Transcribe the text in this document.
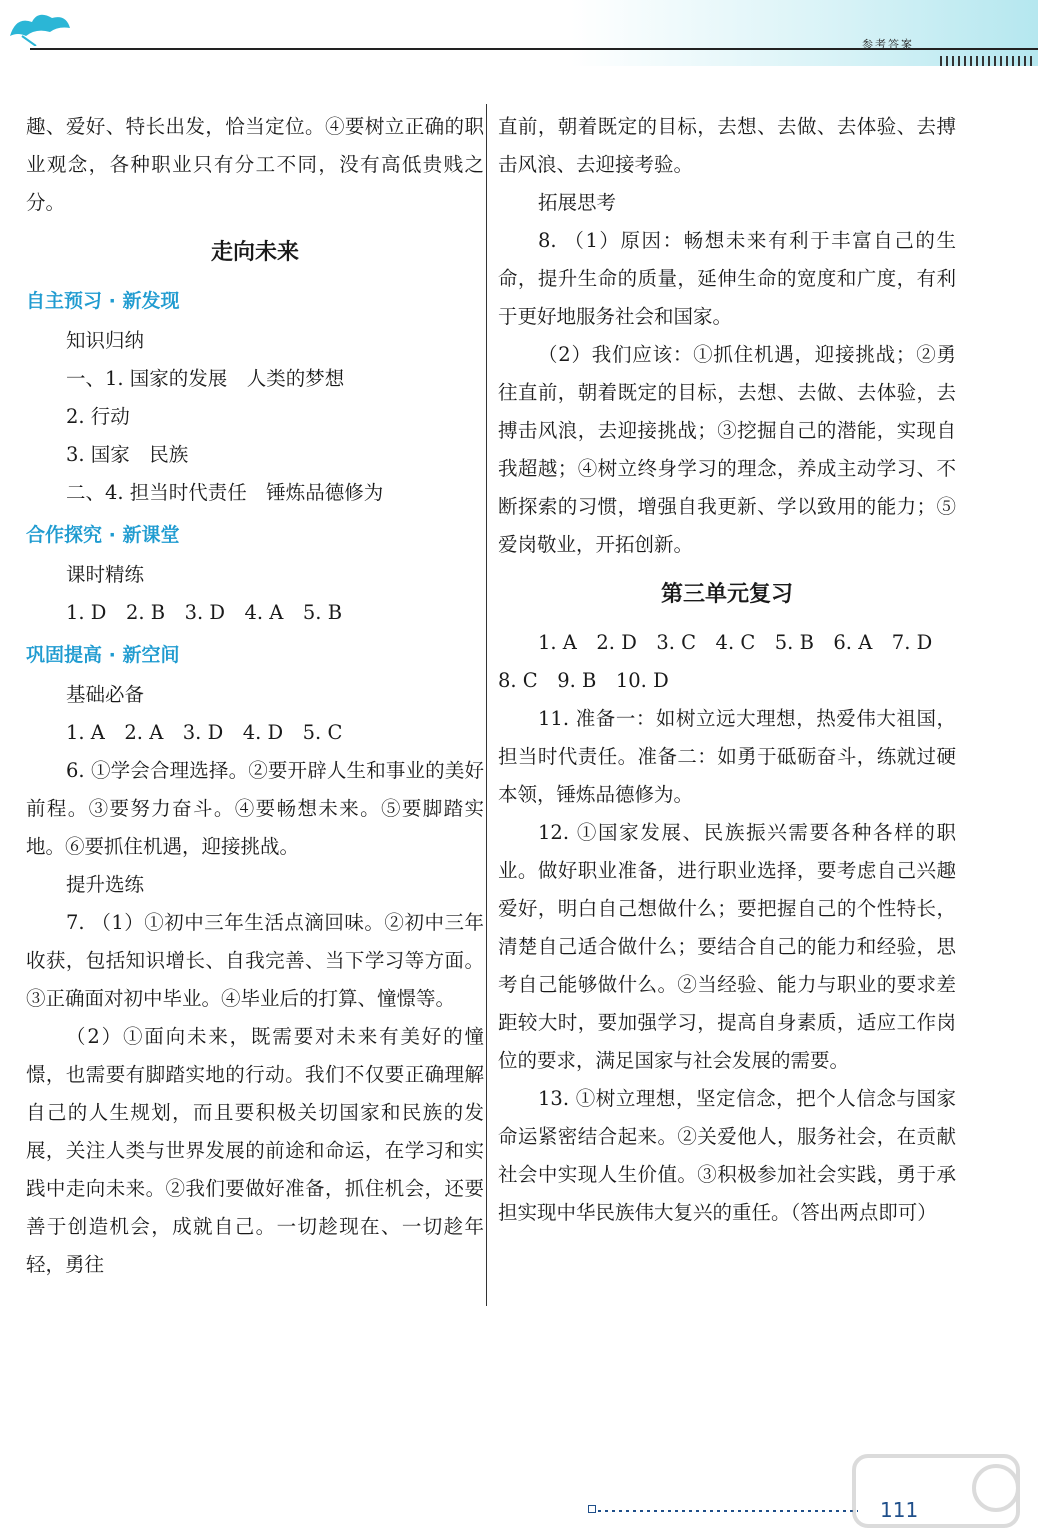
参考答案

趣、爱好、特长出发，恰当定位。④要树立正确的职业观念，各种职业只有分工不同，没有高低贵贱之分。

走向未来
自主预习 · 新发现

知识归纳

一、1. 国家的发展　人类的梦想

2. 行动

3. 国家　民族

二、4. 担当时代责任　锤炼品德修为

合作探究 · 新课堂

课时精练

1. D　2. B　3. D　4. A　5. B

巩固提高 · 新空间

基础必备

1. A　2. A　3. D　4. D　5. C

6. ①学会合理选择。②要开辟人生和事业的美好前程。③要努力奋斗。④要畅想未来。⑤要脚踏实地。⑥要抓住机遇，迎接挑战。

提升选练

7. （1）①初中三年生活点滴回味。②初中三年收获，包括知识增长、自我完善、当下学习等方面。③正确面对初中毕业。④毕业后的打算、憧憬等。

（2）①面向未来，既需要对未来有美好的憧憬，也需要有脚踏实地的行动。我们不仅要正确理解自己的人生规划，而且要积极关切国家和民族的发展，关注人类与世界发展的前途和命运，在学习和实践中走向未来。②我们要做好准备，抓住机会，还要善于创造机会，成就自己。一切趁现在、一切趁年轻，勇往

直前，朝着既定的目标，去想、去做、去体验、去搏击风浪、去迎接考验。

拓展思考

8. （1）原因：畅想未来有利于丰富自己的生命，提升生命的质量，延伸生命的宽度和广度，有利于更好地服务社会和国家。

（2）我们应该：①抓住机遇，迎接挑战；②勇往直前，朝着既定的目标，去想、去做、去体验，去搏击风浪，去迎接挑战；③挖掘自己的潜能，实现自我超越；④树立终身学习的理念，养成主动学习、不断探索的习惯，增强自我更新、学以致用的能力；⑤爱岗敬业，开拓创新。

第三单元复习

1. A　2. D　3. C　4. C　5. B　6. A　7. D

8. C　9. B　10. D

11. 准备一：如树立远大理想，热爱伟大祖国，担当时代责任。准备二：如勇于砥砺奋斗，练就过硬本领，锤炼品德修为。

12. ①国家发展、民族振兴需要各种各样的职业。做好职业准备，进行职业选择，要考虑自己兴趣爱好，明白自己想做什么；要把握自己的个性特长，清楚自己适合做什么；要结合自己的能力和经验，思考自己能够做什么。②当经验、能力与职业的要求差距较大时，要加强学习，提高自身素质，适应工作岗位的要求，满足国家与社会发展的需要。

13. ①树立理想，坚定信念，把个人信念与国家命运紧密结合起来。②关爱他人，服务社会，在贡献社会中实现人生价值。③积极参加社会实践，勇于承担实现中华民族伟大复兴的重任。（答出两点即可）

111
